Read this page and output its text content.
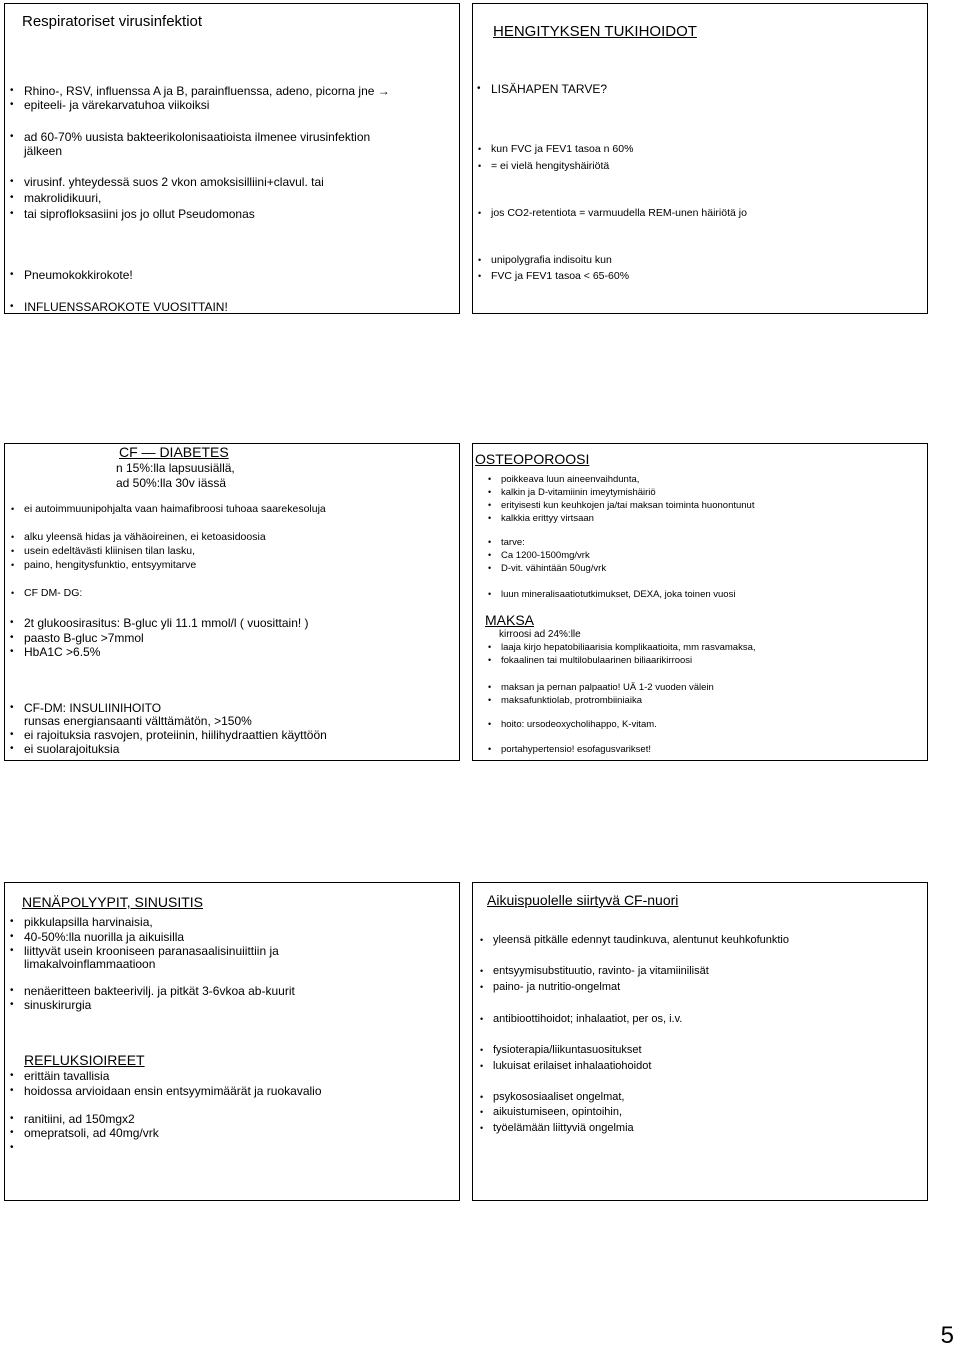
Respiratoriset virusinfektiot
• Rhino-, RSV, influenssa A ja B, parainfluenssa, adeno, picorna jne →
• epiteeli- ja värekarvatuhoa viikoiksi
• ad 60-70% uusista bakteerikolonisaatioista ilmenee virusinfektion
jälkeen
• virusinf. yhteydessä suos 2 vkon amoksisilliini+clavul. tai
• makrolidikuuri,
• tai siprofloksasiini jos jo ollut Pseudomonas
• Pneumokokkirokote!
• INFLUENSSAROKOTE VUOSITTAIN!
HENGITYKSEN TUKIHOIDOT
• LISÄHAPEN TARVE?
• kun FVC ja FEV1 tasoa n 60%
• = ei vielä hengityshäiriötä
• jos CO2-retentiota = varmuudella REM-unen häiriötä jo
• unipolygrafia indisoitu kun
• FVC ja FEV1 tasoa < 65-60%
CF — DIABETES
n 15%:lla lapsuusiällä,
ad 50%:lla 30v iässä
• ei autoimmuunipohjalta vaan haimafibroosi tuhoaa saarekesoluja
• alku yleensä hidas ja vähäoireinen, ei ketoasidoosia
• usein edeltävästi kliinisen tilan lasku,
• paino, hengitysfunktio, entsyymitarve
• CF DM- DG:
• 2t glukoosirasitus: B-gluc yli 11.1 mmol/l ( vuosittain! )
• paasto B-gluc >7mmol
• HbA1C >6.5%
• CF-DM: INSULIINIHOITO
runsas energiansaanti välttämätön, >150%
• ei rajoituksia rasvojen, proteiinin, hiilihydraattien käyttöön
• ei suolarajoituksia
OSTEOPOROOSI
• poikkeava luun aineenvaihdunta,
• kalkin ja D-vitamiinin imeytymishäiriö
• erityisesti kun keuhkojen ja/tai maksan toiminta huonontunut
• kalkkia erittyy virtsaan
• tarve:
• Ca 1200-1500mg/vrk
• D-vit. vähintään 50ug/vrk
• luun mineralisaatiotutkimukset, DEXA, joka toinen vuosi
MAKSA
kirroosi ad 24%:lle
• laaja kirjo hepatobiliaarisia komplikaatioita, mm rasvamaksa,
• fokaalinen tai multilobulaarinen biliaarikirroosi
• maksan ja pernan palpaatio! UÄ 1-2 vuoden välein
• maksafunktiolab, protrombiiniaika
• hoito: ursodeoxycholihappo, K-vitam.
• portahypertensio! esofagusvarikset!
NENÄPOLYYPIT, SINUSITIS
• pikkulapsilla harvinaisia,
• 40-50%:lla nuorilla ja aikuisilla
• liittyvät usein krooniseen paranasaalisinuiittiin ja
limakalvoinflammaatioon
• nenäeritteen bakteerivilj. ja pitkät 3-6vkoa ab-kuurit
• sinuskirurgia
REFLUKSIOIREET
• erittäin tavallisia
• hoidossa arvioidaan ensin entsyymimäärät ja ruokavalio
• ranitiini, ad 150mgx2
• omepratsoli, ad 40mg/vrk
Aikuispuolelle siirtyvä CF-nuori
• yleensä pitkälle edennyt taudinkuva, alentunut keuhkofunktio
• entsyymisubstituutio, ravinto- ja vitamiinilisät
• paino- ja nutritio-ongelmat
• antibioottihoidot; inhalaatiot, per os, i.v.
• fysioterapia/liikuntasuositukset
• lukuisat erilaiset inhalaatiohoidot
• psykososiaaliset ongelmat,
• aikuistumiseen, opintoihin,
• työelämään liittyviä ongelmia
5
